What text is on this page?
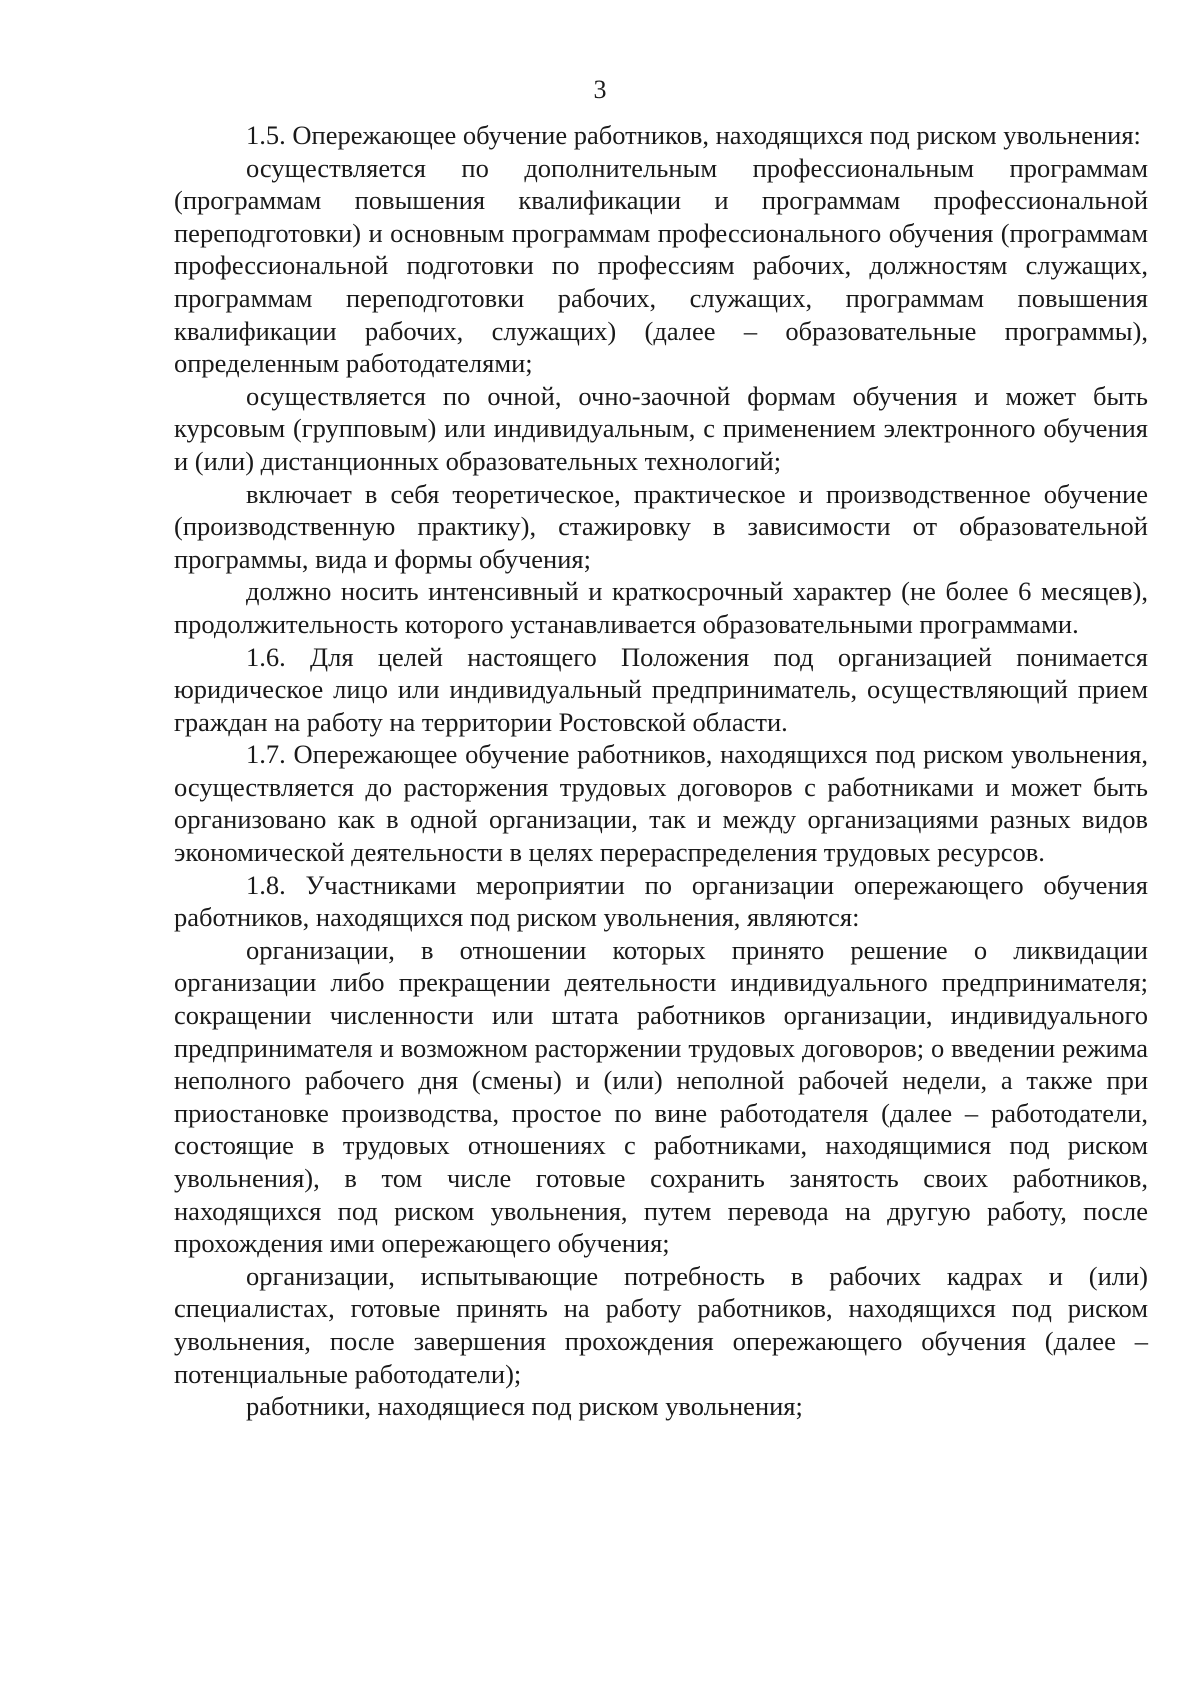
3

1.5. Опережающее обучение работников, находящихся под риском увольнения:

осуществляется по дополнительным профессиональным программам (программам повышения квалификации и программам профессиональной переподготовки) и основным программам профессионального обучения (программам профессиональной подготовки по профессиям рабочих, должностям служащих, программам переподготовки рабочих, служащих, программам повышения квалификации рабочих, служащих) (далее – образовательные программы), определенным работодателями;

осуществляется по очной, очно-заочной формам обучения и может быть курсовым (групповым) или индивидуальным, с применением электронного обучения и (или) дистанционных образовательных технологий;

включает в себя теоретическое, практическое и производственное обучение (производственную практику), стажировку в зависимости от образовательной программы, вида и формы обучения;

должно носить интенсивный и краткосрочный характер (не более 6 месяцев), продолжительность которого устанавливается образовательными программами.

1.6. Для целей настоящего Положения под организацией понимается юридическое лицо или индивидуальный предприниматель, осуществляющий прием граждан на работу на территории Ростовской области.

1.7. Опережающее обучение работников, находящихся под риском увольнения, осуществляется до расторжения трудовых договоров с работниками и может быть организовано как в одной организации, так и между организациями разных видов экономической деятельности в целях перераспределения трудовых ресурсов.

1.8. Участниками мероприятии по организации опережающего обучения работников, находящихся под риском увольнения, являются:

организации, в отношении которых принято решение о ликвидации организации либо прекращении деятельности индивидуального предпринимателя; сокращении численности или штата работников организации, индивидуального предпринимателя и возможном расторжении трудовых договоров; о введении режима неполного рабочего дня (смены) и (или) неполной рабочей недели, а также при приостановке производства, простое по вине работодателя (далее – работодатели, состоящие в трудовых отношениях с работниками, находящимися под риском увольнения), в том числе готовые сохранить занятость своих работников, находящихся под риском увольнения, путем перевода на другую работу, после прохождения ими опережающего обучения;

организации, испытывающие потребность в рабочих кадрах и (или) специалистах, готовые принять на работу работников, находящихся под риском увольнения, после завершения прохождения опережающего обучения (далее – потенциальные работодатели);

работники, находящиеся под риском увольнения;
